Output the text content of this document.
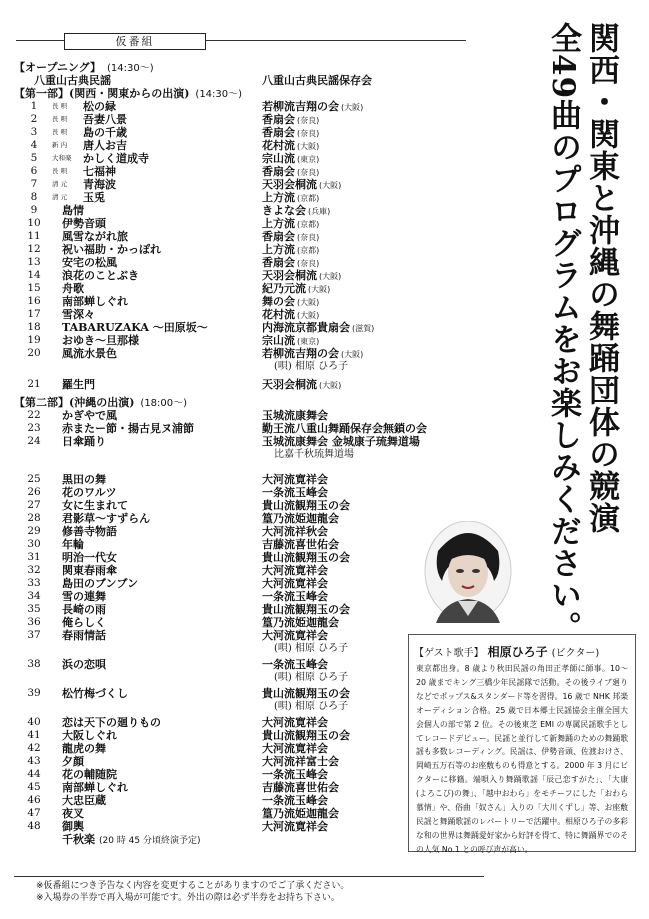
仮番組
【オープニング】 (14:30〜)
八重山古典民謡	八重山古典民謡保存会
【第一部】(関西・関東からの出演) (14:30〜)
1	長 唄	松の緑	若柳流吉翔の会 (大阪)
2	長 唄	吾妻八景	香扇会 (奈良)
3	長 唄	島の千歳	香扇会 (奈良)
4	新 内	唐人お吉	花村流 (大阪)
5	大和楽	かしく道成寺	宗山流 (東京)
6	長 唄	七福神	香扇会 (奈良)
7	清 元	青海波	天羽会桐流 (大阪)
8	清 元	玉兎	上方流 (京都)
9	島情	きよな会 (兵庫)
10	伊勢音頭	上方流 (京都)
11	風雪ながれ旅	香扇会 (奈良)
12	祝い福助・かっぽれ	上方流 (京都)
13	安宅の松風	香扇会 (奈良)
14	浪花のことぶき	天羽会桐流 (大阪)
15	舟歌	紀乃元流 (大阪)
16	南部蝉しぐれ	舞の会 (大阪)
17	雪深々	花村流 (大阪)
18	TABARUZAKA 〜田原坂〜	内海流京都貴扇会 (滋賀)
19	おゆき〜旦那様	宗山流 (東京)
20	風流水景色	若柳流吉翔の会 (大阪)
(唄) 相原 ひろ子
21	羅生門	天羽会桐流 (大阪)
【第二部】(沖縄の出演) (18:00〜)
22	かぎやで風	玉城流康舞会
23	赤またー節・揚古見ヌ浦節	勤王流八重山舞踊保存会無鎖の会
24	日傘踊り	玉城流康舞会 金城康子琉舞道場
比嘉千秋琉舞道場
25	黒田の舞	大河流寛祥会
26	花のワルツ	一条流玉峰会
27	女に生まれて	貴山流観翔玉の会
28	君影草〜すずらん	篁乃流姫迦龍会
29	修善寺物語	大河流祥秋会
30	年輪	吉藤流喜世佑会
31	明治一代女	貴山流観翔玉の会
32	関東春雨傘	大河流寛祥会
33	島田のブンブン	大河流寛祥会
34	雪の連舞	一条流玉峰会
35	長崎の雨	貴山流観翔玉の会
36	俺らしく	篁乃流姫迦龍会
37	春雨情話	大河流寛祥会
(唄) 相原 ひろ子
38	浜の恋唄	一条流玉峰会
(唄) 相原 ひろ子
39	松竹梅づくし	貴山流観翔玉の会
(唄) 相原 ひろ子
40	恋は天下の廻りもの	大河流寛祥会
41	大阪しぐれ	貴山流観翔玉の会
42	龍虎の舞	大河流寛祥会
43	夕顔	大河流祥富士会
44	花の輔随院	一条流玉峰会
45	南部蝉しぐれ	吉藤流喜世佑会
46	大忠臣蔵	一条流玉峰会
47	夜叉	篁乃流姫迦龍会
48	御輿	大河流寛祥会
千秋楽 (20 時 45 分頃終演予定)
※仮番組につき予告なく内容を変更することがありますのでご了承ください。
※入場券の半券で再入場が可能です。外出の際は必ず半券をお持ち下さい。
関西・関東と沖縄の舞踊団体の競演
全49曲のプログラムをお楽しみください。
【ゲスト歌手】 相原ひろ子 (ビクター)
東京都出身。8 歳より秋田民謡の角田正孝師に師事。10〜20 歳までキング三橋少年民謡隊で活動。その後ライブ廻りなどでポップス&スタンダード等を習得。16 歳で NHK 邦楽オーディション合格。25 歳で日本郷土民謡協会主催全国大会個人の部で第 2 位。その後東芝 EMI の専属民謡歌手としてレコードデビュー。民謡と並行して新舞踊のための舞踊歌謡も多数レコーディング。民謡は、伊勢音頭、佐渡おけさ、岡崎五万石等のお座敷ものも得意とする。2000 年 3 月にビクターに移籍。端唄入り舞踊歌謡「辰己恋すがた」、「大康(よろこび)の舞」、「越中おわら」をモチーフにした「おわら慕情」や、俗曲「奴さん」入りの「大川くずし」等、お座敷民謡と舞踊歌謡のレパートリーで活躍中。相原ひろ子の多彩な和の世界は舞踊愛好家から好評を得て、特に舞踊界でのその人気 No.1 との呼び声が高い。
